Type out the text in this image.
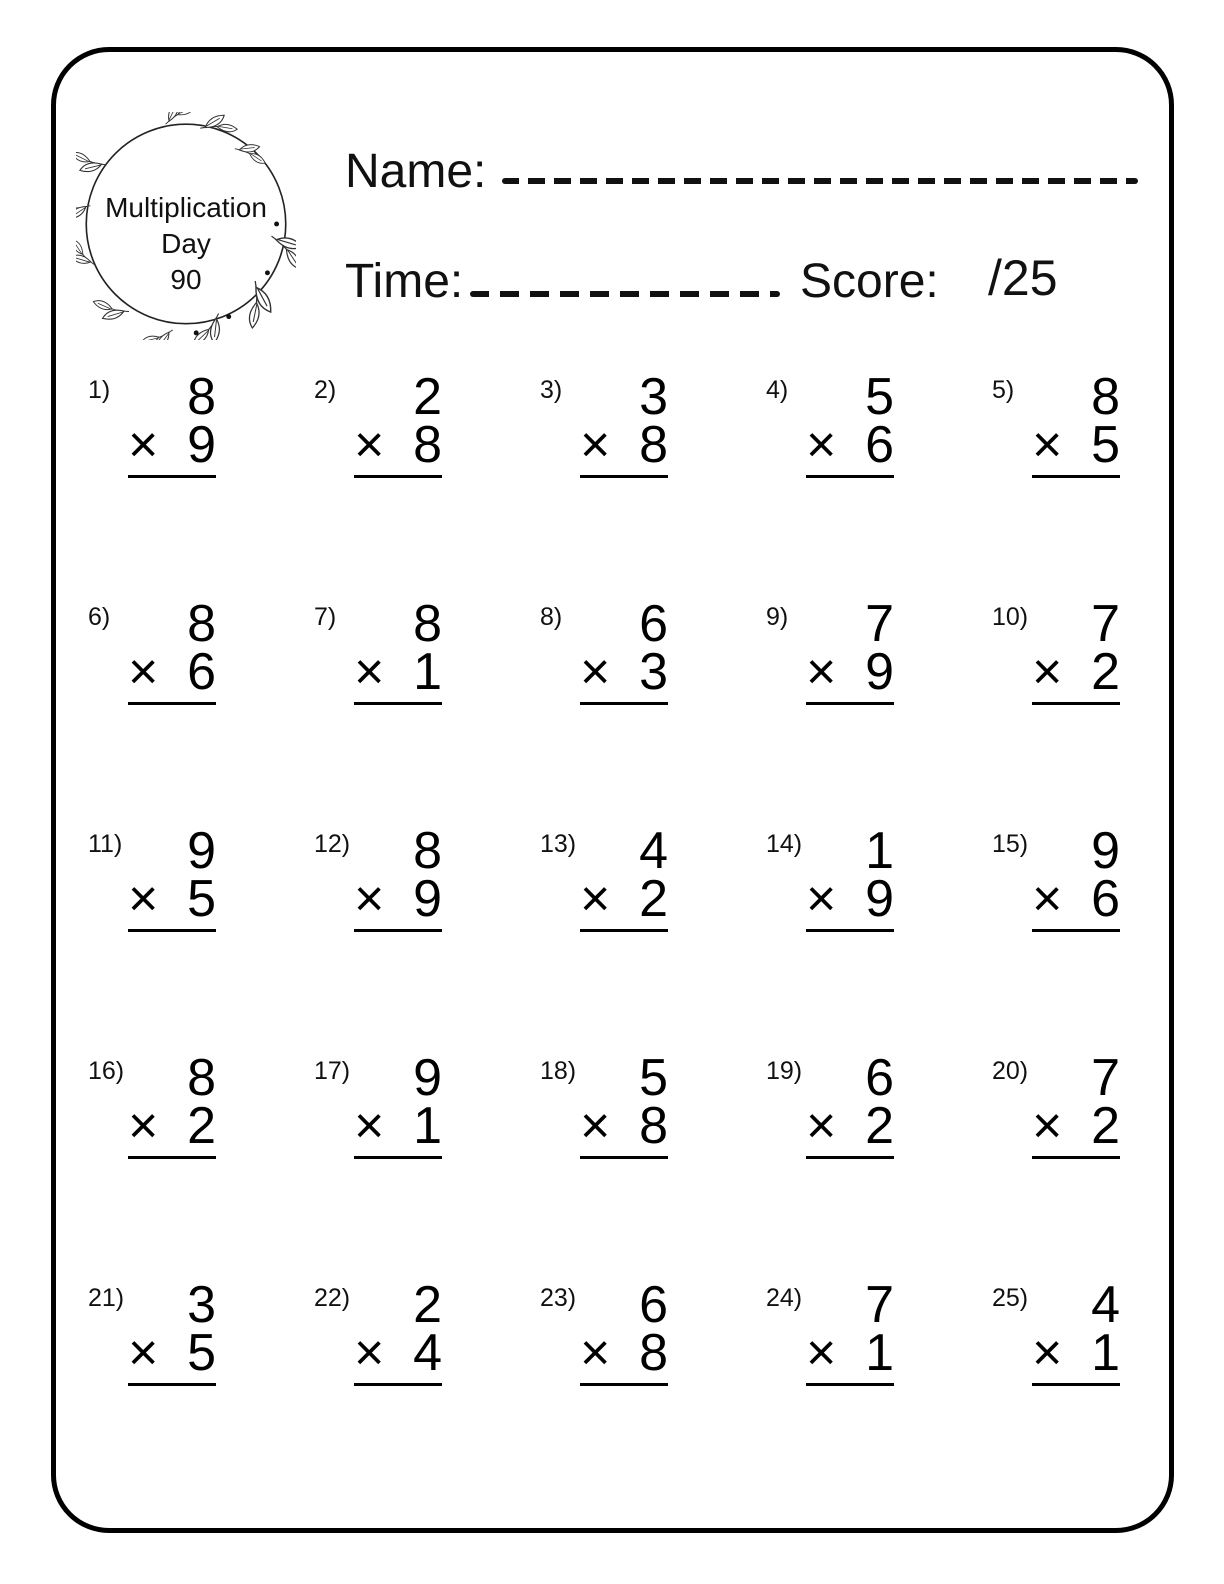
Multiplication
Day
90
Name:
Time:	Score: /25
1)	8
× 9
2)	2
× 8
3)	3
× 8
4)	5
× 6
5)	8
× 5
6)	8
× 6
7)	8
× 1
8)	6
× 3
9)	7
× 9
10)	7
× 2
11)	9
× 5
12)	8
× 9
13)	4
× 2
14)	1
× 9
15)	9
× 6
16)	8
× 2
17)	9
× 1
18)	5
× 8
19)	6
× 2
20)	7
× 2
21)	3
× 5
22)	2
× 4
23)	6
× 8
24)	7
× 1
25)	4
× 1
